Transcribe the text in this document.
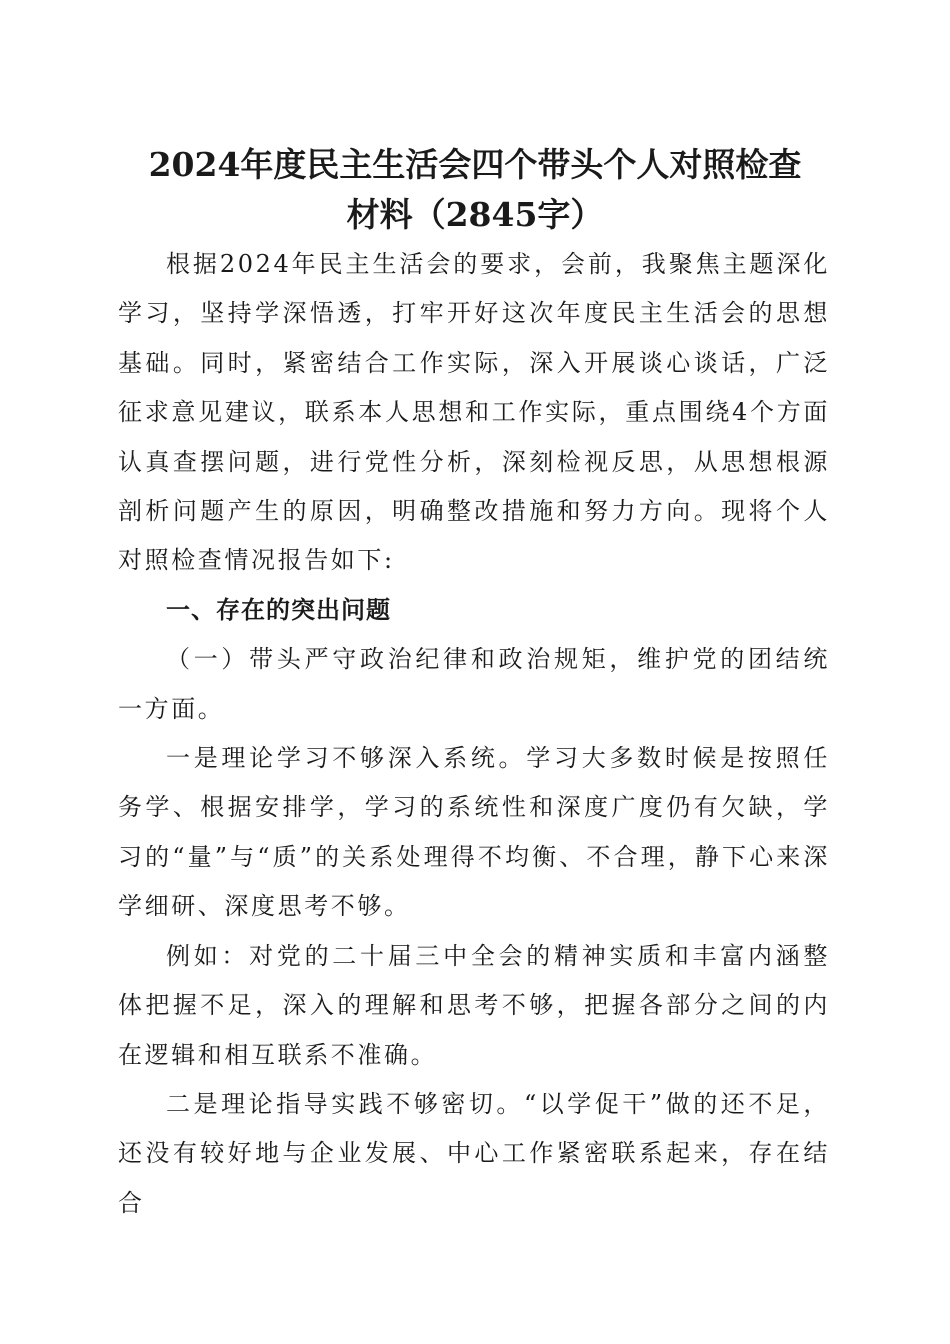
2024年度民主生活会四个带头个人对照检查
材料（2845字）

根据2024年民主生活会的要求，会前，我聚焦主题深化学习，坚持学深悟透，打牢开好这次年度民主生活会的思想基础。同时，紧密结合工作实际，深入开展谈心谈话，广泛征求意见建议，联系本人思想和工作实际，重点围绕4个方面认真查摆问题，进行党性分析，深刻检视反思，从思想根源剖析问题产生的原因，明确整改措施和努力方向。现将个人对照检查情况报告如下:

一、存在的突出问题

（一）带头严守政治纪律和政治规矩，维护党的团结统一方面。

一是理论学习不够深入系统。学习大多数时候是按照任务学、根据安排学，学习的系统性和深度广度仍有欠缺，学习的“量”与“质”的关系处理得不均衡、不合理，静下心来深学细研、深度思考不够。

例如：对党的二十届三中全会的精神实质和丰富内涵整体把握不足，深入的理解和思考不够，把握各部分之间的内在逻辑和相互联系不准确。

二是理论指导实践不够密切。“以学促干”做的还不足，还没有较好地与企业发展、中心工作紧密联系起来，存在结合
